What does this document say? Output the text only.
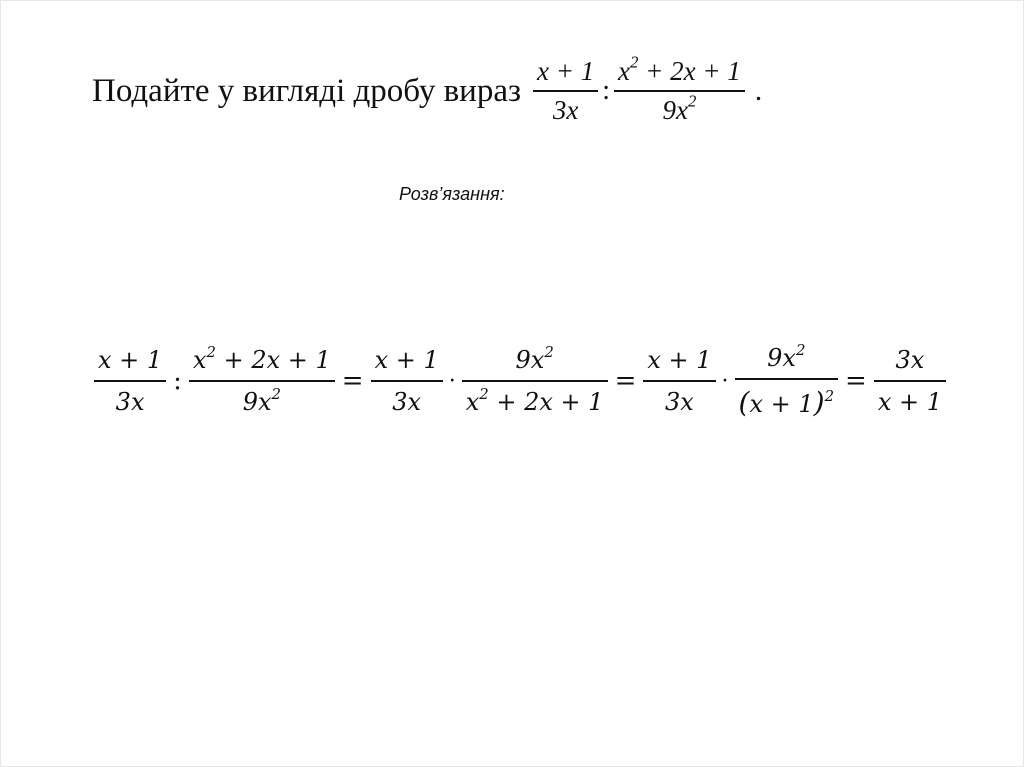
Подайте у вигляді дробу вираз $\frac{x + 1}{3x}$ : $\frac{x^2 + 2x + 1}{9x^2}$ .
Розв’язання:
$\frac{x + 1}{3x}$ : $\frac{x^2 + 2x + 1}{9x^2} = \frac{x + 1}{3x} \cdot \frac{9x^2}{x^2 + 2x + 1} = \frac{x + 1}{3x} \cdot \frac{9x^2}{(x + 1)^2} = \frac{3x}{x + 1}$
